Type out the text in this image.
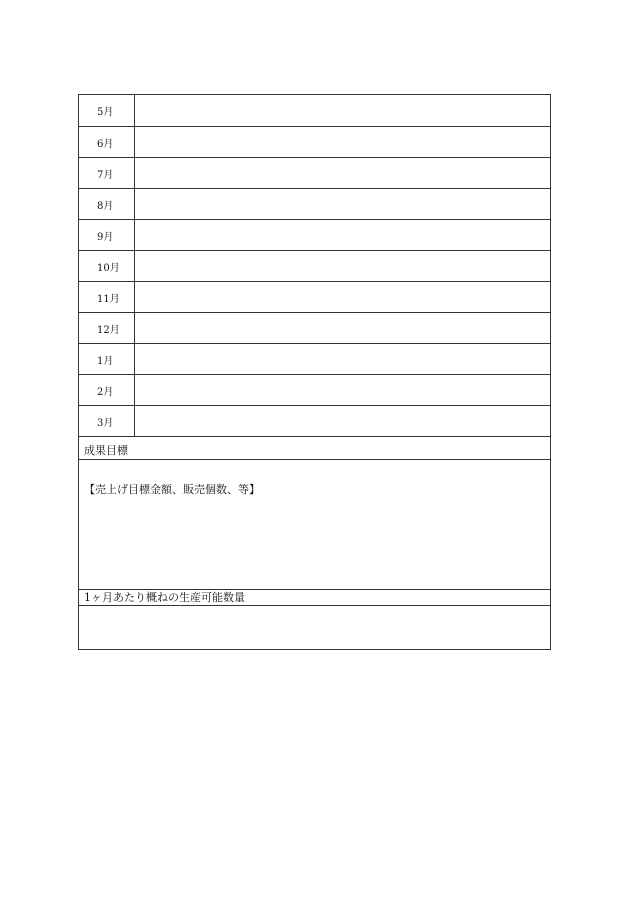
5月	
6月	
7月	
8月	
9月	
10月	
11月	
12月	
1月	
2月	
3月	
成果目標
【売上げ目標金額、販売個数、等】
1ヶ月あたり概ねの生産可能数量
